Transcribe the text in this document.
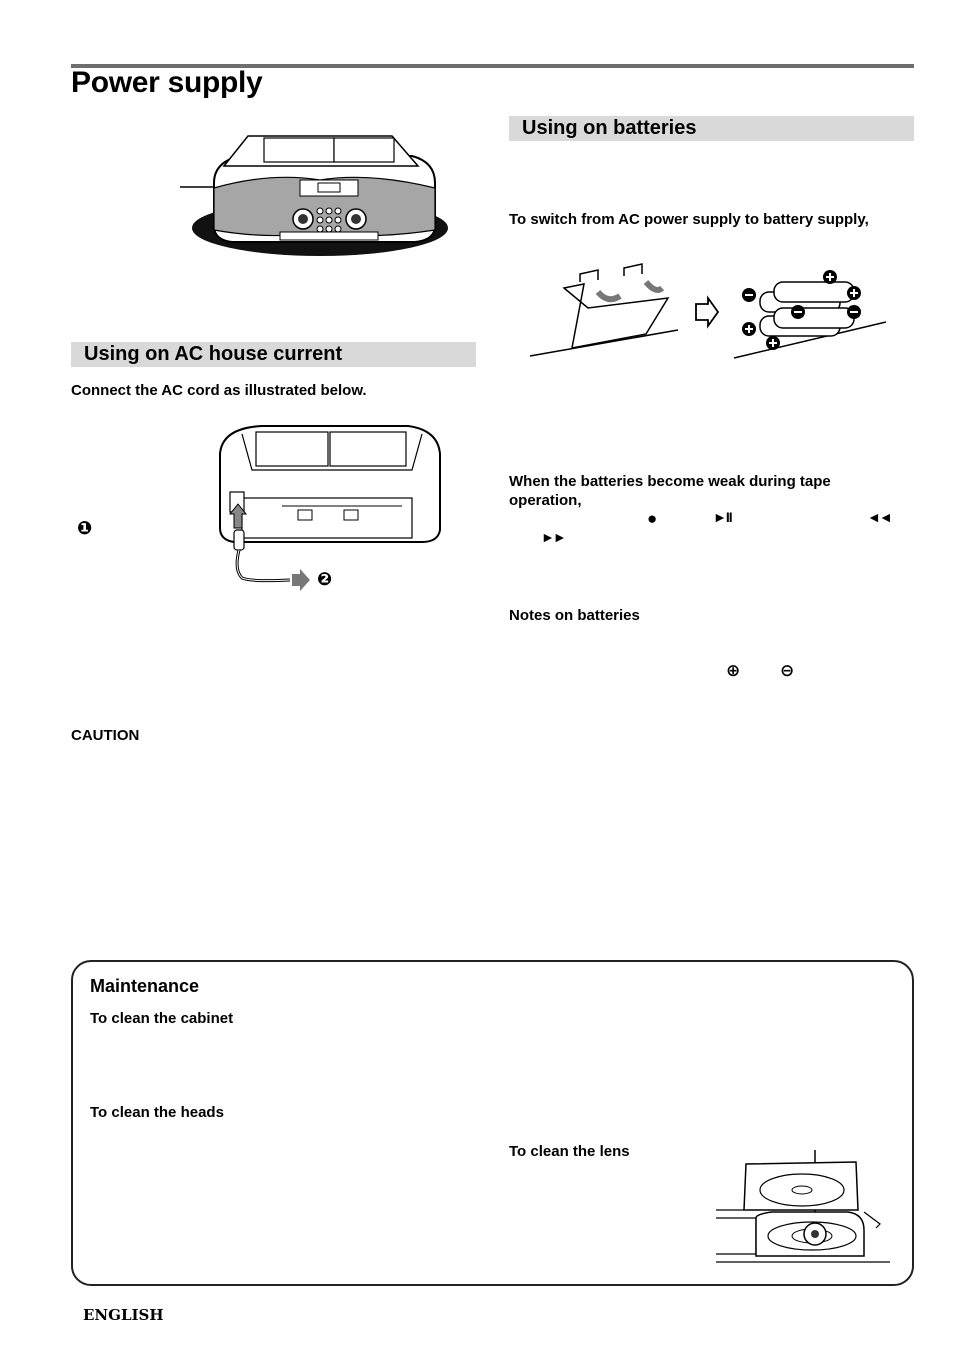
Power supply
Using on batteries
To switch from AC power supply to battery supply,
Using on AC house current
Connect the AC cord as illustrated below.
❶
❷
When the batteries become weak during tape operation,
●	►II	◄◄
►►
Notes on batteries
⊕ ⊖
CAUTION
Maintenance
To clean the cabinet
To clean the heads
To clean the lens
ENGLISH
